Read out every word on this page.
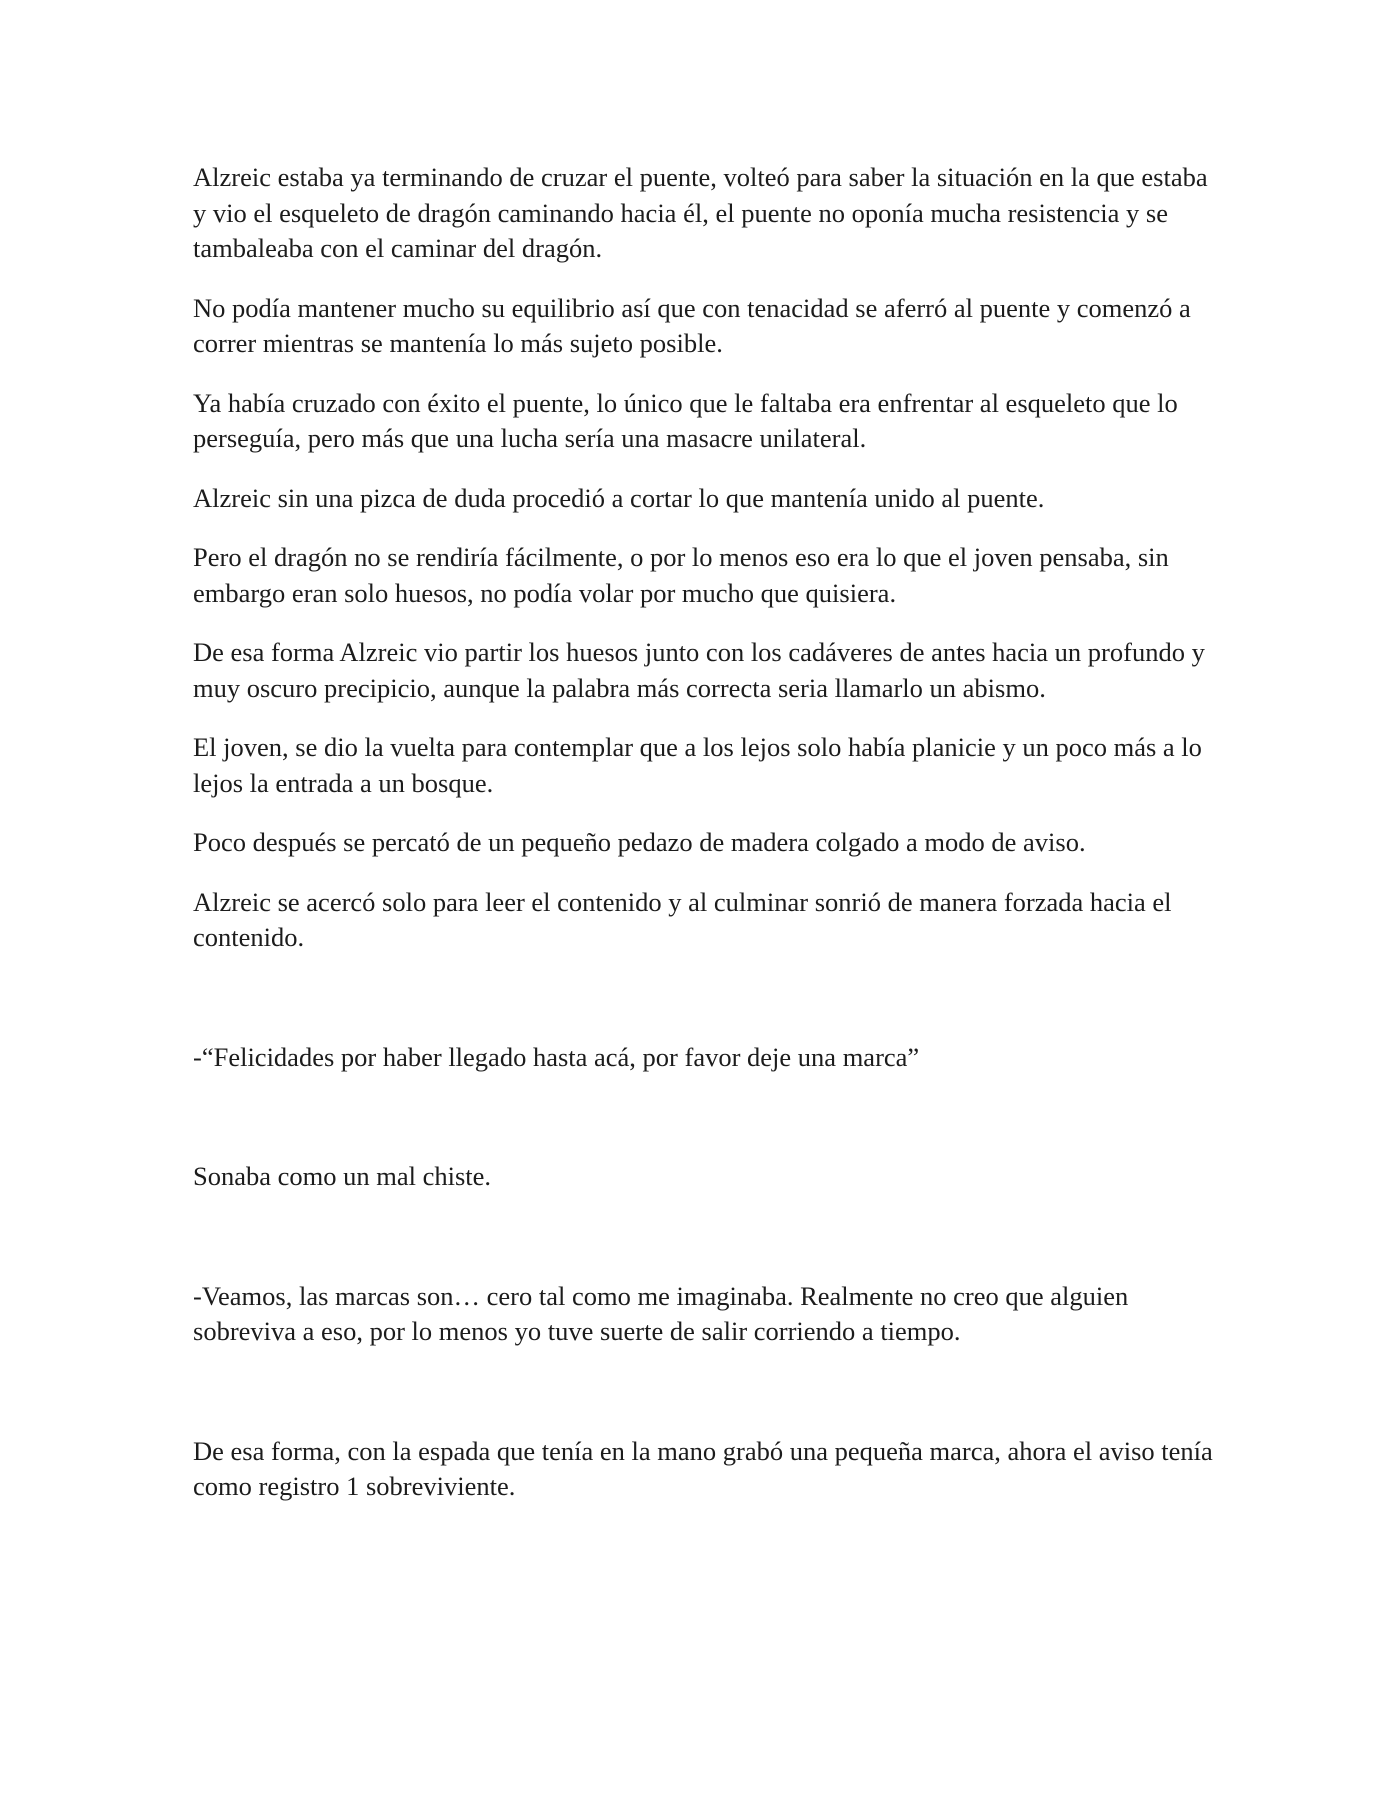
Alzreic estaba ya terminando de cruzar el puente, volteó para saber la situación en la que estaba y vio el esqueleto de dragón caminando hacia él, el puente no oponía mucha resistencia y se tambaleaba con el caminar del dragón.

No podía mantener mucho su equilibrio así que con tenacidad se aferró al puente y comenzó a correr mientras se mantenía lo más sujeto posible.

Ya había cruzado con éxito el puente, lo único que le faltaba era enfrentar al esqueleto que lo perseguía, pero más que una lucha sería una masacre unilateral.

Alzreic sin una pizca de duda procedió a cortar lo que mantenía unido al puente.

Pero el dragón no se rendiría fácilmente, o por lo menos eso era lo que el joven pensaba, sin embargo eran solo huesos, no podía volar por mucho que quisiera.

De esa forma Alzreic vio partir los huesos junto con los cadáveres de antes hacia un profundo y muy oscuro precipicio, aunque la palabra más correcta seria llamarlo un abismo.

El joven, se dio la vuelta para contemplar que a los lejos solo había planicie y un poco más a lo lejos la entrada a un bosque.

Poco después se percató de un pequeño pedazo de madera colgado a modo de aviso.

Alzreic se acercó solo para leer el contenido y al culminar sonrió de manera forzada hacia el contenido.

-“Felicidades por haber llegado hasta acá, por favor deje una marca”

Sonaba como un mal chiste.

-Veamos, las marcas son… cero tal como me imaginaba. Realmente no creo que alguien sobreviva a eso, por lo menos yo tuve suerte de salir corriendo a tiempo.

De esa forma, con la espada que tenía en la mano grabó una pequeña marca, ahora el aviso tenía como registro 1 sobreviviente.
